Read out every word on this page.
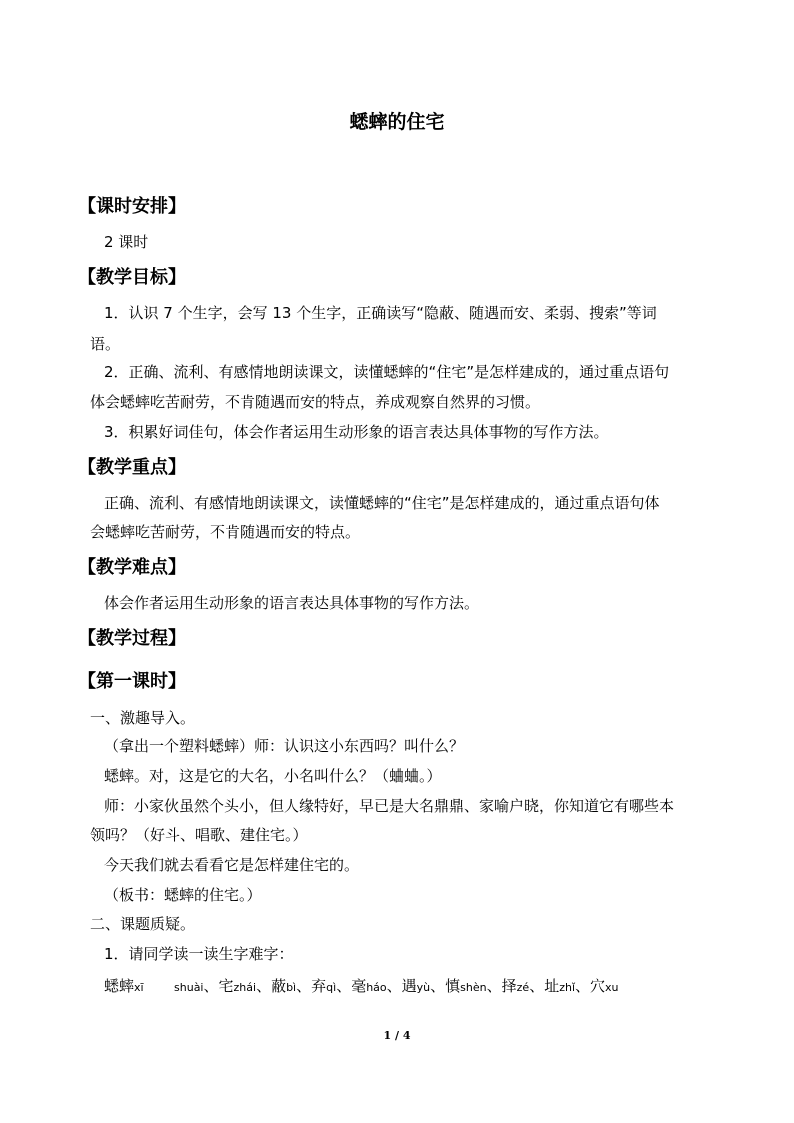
蟋蟀的住宅
【课时安排】
2 课时
【教学目标】
1．认识 7 个生字，会写 13 个生字，正确读写“隐蔽、随遇而安、柔弱、搜索”等词
语。
2．正确、流利、有感情地朗读课文，读懂蟋蟀的“住宅”是怎样建成的，通过重点语句
体会蟋蟀吃苦耐劳，不肯随遇而安的特点，养成观察自然界的习惯。
3．积累好词佳句，体会作者运用生动形象的语言表达具体事物的写作方法。
【教学重点】
正确、流利、有感情地朗读课文，读懂蟋蟀的“住宅”是怎样建成的，通过重点语句体
会蟋蟀吃苦耐劳，不肯随遇而安的特点。
【教学难点】
体会作者运用生动形象的语言表达具体事物的写作方法。
【教学过程】
【第一课时】
一、激趣导入。
（拿出一个塑料蟋蟀）师：认识这小东西吗？叫什么？
蟋蟀。对，这是它的大名，小名叫什么？（蛐蛐。）
师：小家伙虽然个头小，但人缘特好，早已是大名鼎鼎、家喻户晓，你知道它有哪些本
领吗？（好斗、唱歌、建住宅。）
今天我们就去看看它是怎样建住宅的。
（板书：蟋蟀的住宅。）
二、课题质疑。
1．请同学读一读生字难字：
蟋蟀xī	shuài、宅zhái、蔽bì、弃qì、毫háo、遇yù、慎shèn、择zé、址zhǐ、穴xu
1 / 4
